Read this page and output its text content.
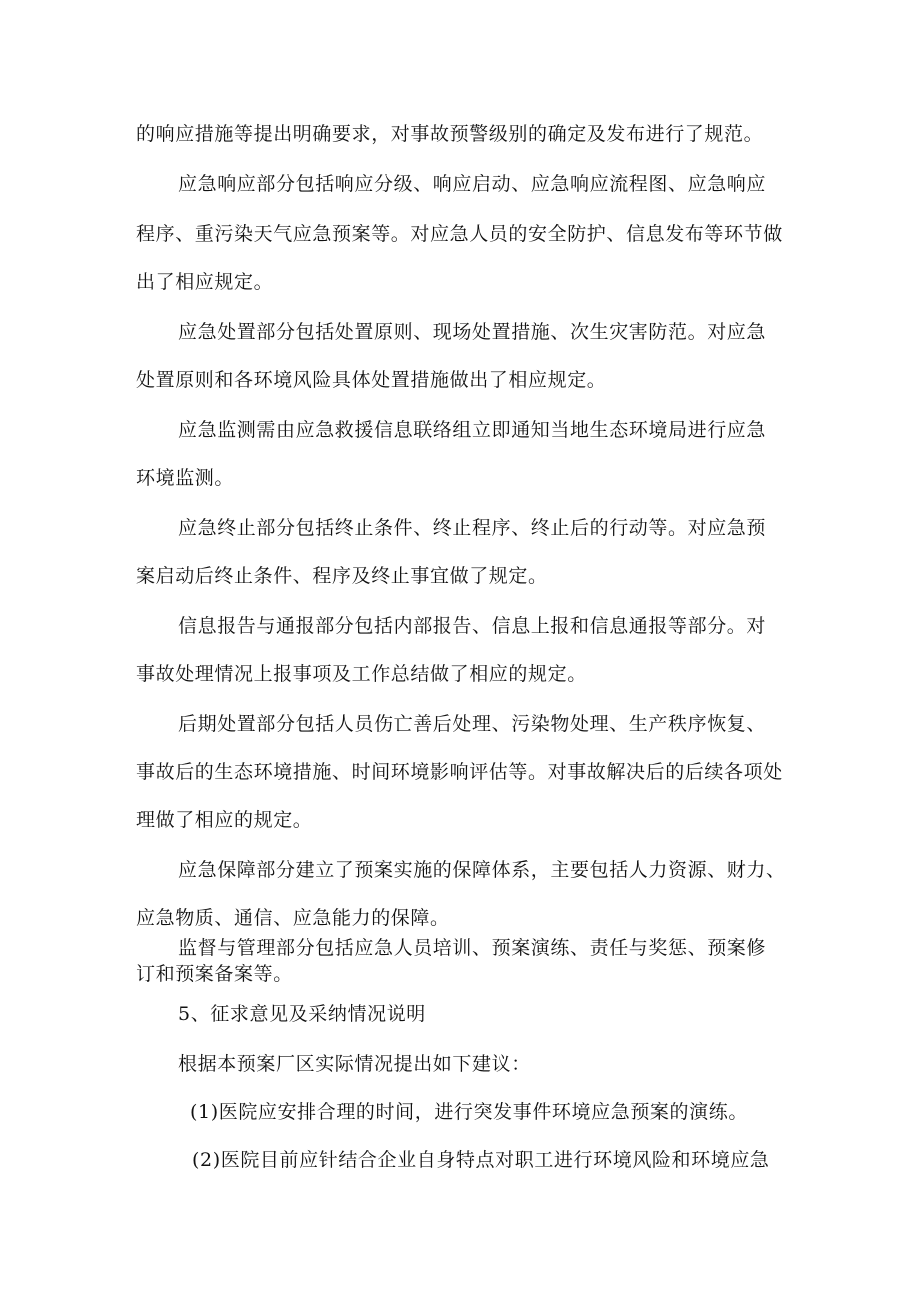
的响应措施等提出明确要求，对事故预警级别的确定及发布进行了规范。
应急响应部分包括响应分级、响应启动、应急响应流程图、应急响应
程序、重污染天气应急预案等。对应急人员的安全防护、信息发布等环节做
出了相应规定。
应急处置部分包括处置原则、现场处置措施、次生灾害防范。对应急
处置原则和各环境风险具体处置措施做出了相应规定。
应急监测需由应急救援信息联络组立即通知当地生态环境局进行应急
环境监测。
应急终止部分包括终止条件、终止程序、终止后的行动等。对应急预
案启动后终止条件、程序及终止事宜做了规定。
信息报告与通报部分包括内部报告、信息上报和信息通报等部分。对
事故处理情况上报事项及工作总结做了相应的规定。
后期处置部分包括人员伤亡善后处理、污染物处理、生产秩序恢复、
事故后的生态环境措施、时间环境影响评估等。对事故解决后的后续各项处
理做了相应的规定。
应急保障部分建立了预案实施的保障体系，主要包括人力资源、财力、
应急物质、通信、应急能力的保障。
监督与管理部分包括应急人员培训、预案演练、责任与奖惩、预案修
订和预案备案等。
5、征求意见及采纳情况说明
根据本预案厂区实际情况提出如下建议：
(1)医院应安排合理的时间，进行突发事件环境应急预案的演练。
(2)医院目前应针结合企业自身特点对职工进行环境风险和环境应急
